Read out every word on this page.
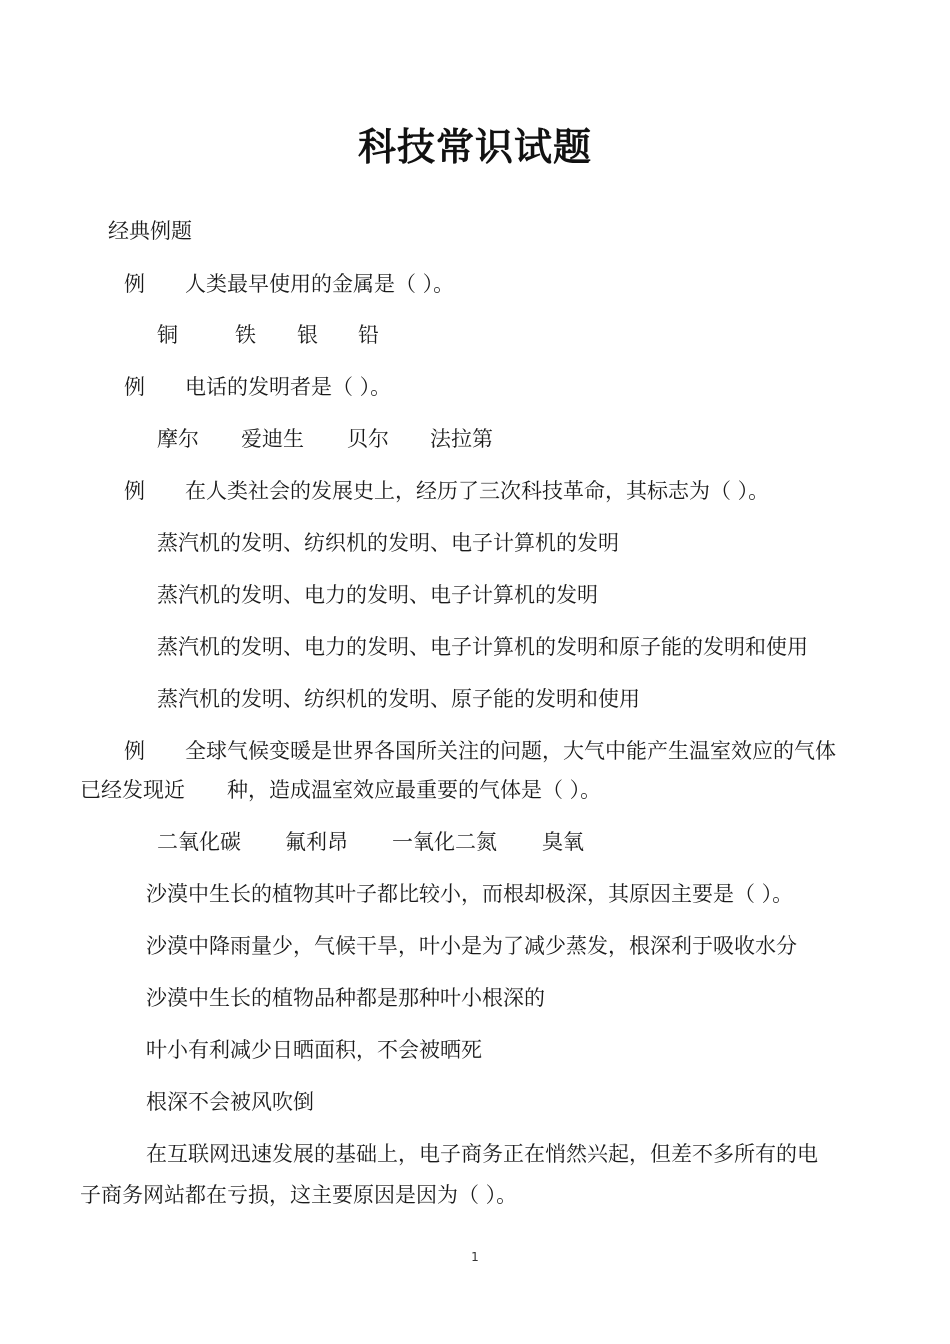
科技常识试题
经典例题
例 人类最早使用的金属是（ ）。
铜	铁 银 铅
例 电话的发明者是（ ）。
摩尔 爱迪生 贝尔 法拉第
例 在人类社会的发展史上，经历了三次科技革命，其标志为（ ）。
蒸汽机的发明、纺织机的发明、电子计算机的发明
蒸汽机的发明、电力的发明、电子计算机的发明
蒸汽机的发明、电力的发明、电子计算机的发明和原子能的发明和使用
蒸汽机的发明、纺织机的发明、原子能的发明和使用
例 全球气候变暖是世界各国所关注的问题，大气中能产生温室效应的气体
已经发现近　　种，造成温室效应最重要的气体是（ ）。
二氧化碳 氟利昂 一氧化二氮 臭氧
沙漠中生长的植物其叶子都比较小，而根却极深，其原因主要是（ ）。
沙漠中降雨量少，气候干旱，叶小是为了减少蒸发，根深利于吸收水分
沙漠中生长的植物品种都是那种叶小根深的
叶小有利减少日晒面积，不会被晒死
根深不会被风吹倒
在互联网迅速发展的基础上，电子商务正在悄然兴起，但差不多所有的电
子商务网站都在亏损，这主要原因是因为（ ）。
1
